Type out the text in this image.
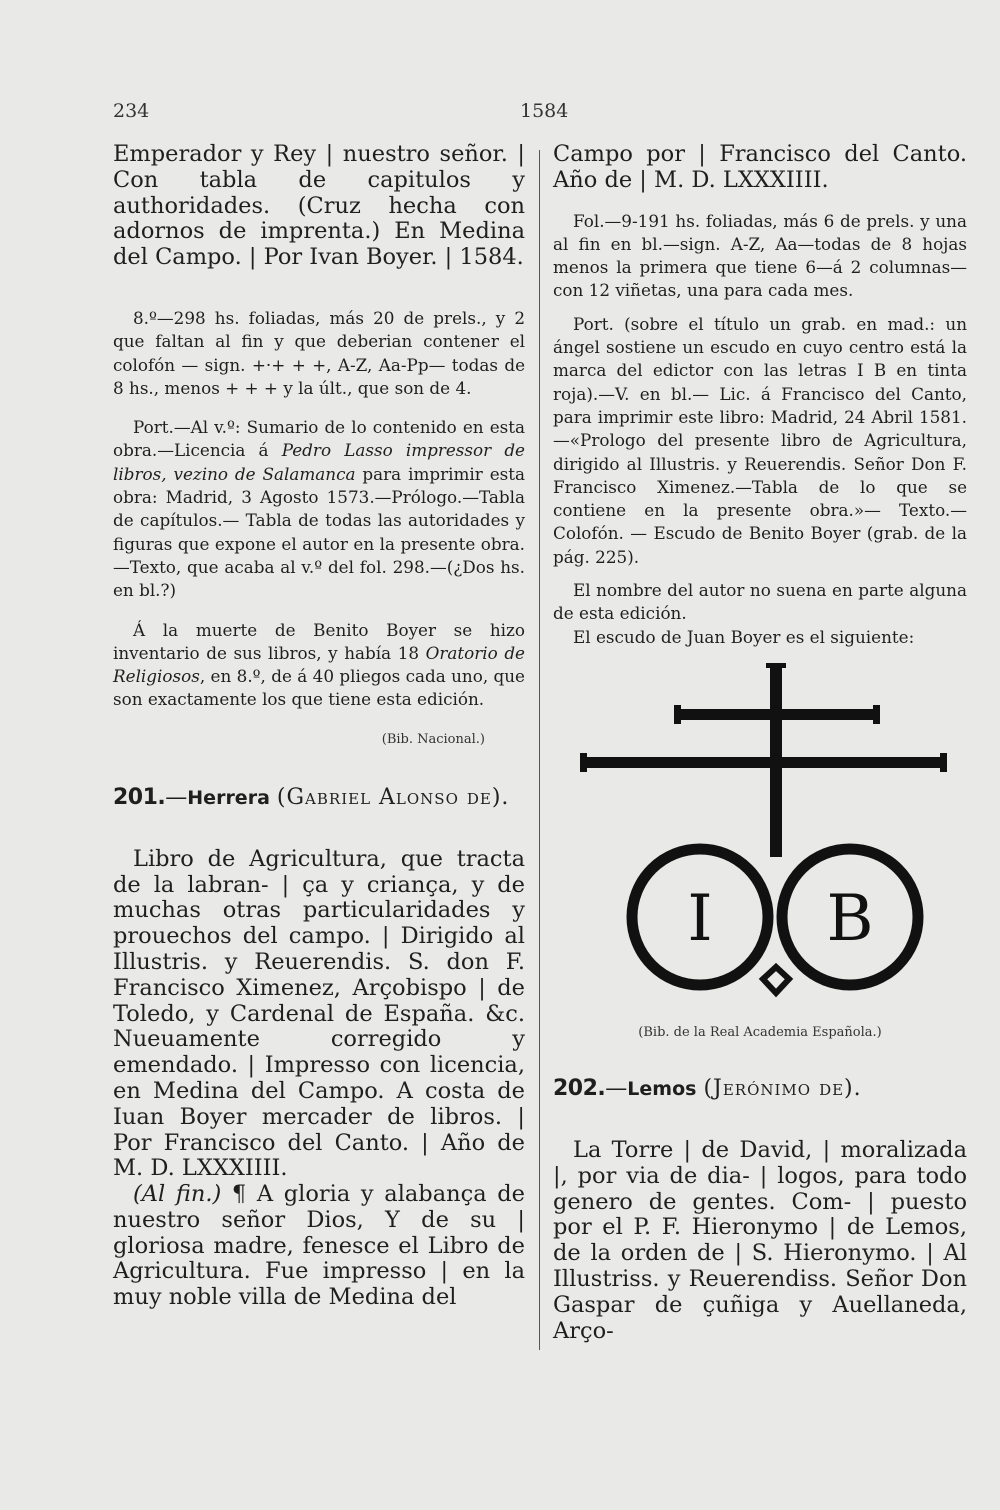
234	1584

Emperador y Rey | nuestro señor. | Con tabla de capitulos y authoridades. (Cruz hecha con adornos de imprenta.) En Medina del Campo. | Por Ivan Boyer. | 1584.

8.º—298 hs. foliadas, más 20 de prels., y 2 que faltan al fin y que deberian contener el colofón — sign. +·+ + +, A-Z, Aa-Pp— todas de 8 hs., menos + + + y la últ., que son de 4.

Port.—Al v.º: Sumario de lo contenido en esta obra.—Licencia á Pedro Lasso impressor de libros, vezino de Salamanca para imprimir esta obra: Madrid, 3 Agosto 1573.—Prólogo.—Tabla de capítulos.— Tabla de todas las autoridades y figuras que expone el autor en la presente obra.—Texto, que acaba al v.º del fol. 298.—(¿Dos hs. en bl.?)

Á la muerte de Benito Boyer se hizo inventario de sus libros, y había 18 Oratorio de Religiosos, en 8.º, de á 40 pliegos cada uno, que son exactamente los que tiene esta edición.

(Bib. Nacional.)
201.—Herrera (Gabriel Alonso de).

Libro de Agricultura, que tracta de la labran- | ça y criança, y de muchas otras particularidades y prouechos del campo. | Dirigido al Illustris. y Reuerendis. S. don F. Francisco Ximenez, Arçobispo | de Toledo, y Cardenal de España. &c. Nueuamente corregido y emendado. | Impresso con licencia, en Medina del Campo. A costa de Iuan Boyer mercader de libros. | Por Francisco del Canto. | Año de M. D. LXXXIIII.

(Al fin.) ¶ A gloria y alabança de nuestro señor Dios, Y de su | gloriosa madre, fenesce el Libro de Agricultura. Fue impresso | en la muy noble villa de Medina del

Campo por | Francisco del Canto. Año de | M. D. LXXXIIII.

Fol.—9-191 hs. foliadas, más 6 de prels. y una al fin en bl.—sign. A-Z, Aa—todas de 8 hojas menos la primera que tiene 6—á 2 columnas—con 12 viñetas, una para cada mes.

Port. (sobre el título un grab. en mad.: un ángel sostiene un escudo en cuyo centro está la marca del edictor con las letras I B en tinta roja).—V. en bl.— Lic. á Francisco del Canto, para imprimir este libro: Madrid, 24 Abril 1581.—«Prologo del presente libro de Agricultura, dirigido al Illustris. y Reuerendis. Señor Don F. Francisco Ximenez.—Tabla de lo que se contiene en la presente obra.»— Texto.—Colofón. — Escudo de Benito Boyer (grab. de la pág. 225).

El nombre del autor no suena en parte alguna de esta edición.

El escudo de Juan Boyer es el siguiente:

I B
(Bib. de la Real Academia Española.)
202.—Lemos (Jerónimo de).

La Torre | de David, | moralizada |, por via de dia- | logos, para todo genero de gentes. Com- | puesto por el P. F. Hieronymo | de Lemos, de la orden de | S. Hieronymo. | Al Illustriss. y Reuerendiss. Señor Don Gaspar de çuñiga y Auellaneda, Arço-
